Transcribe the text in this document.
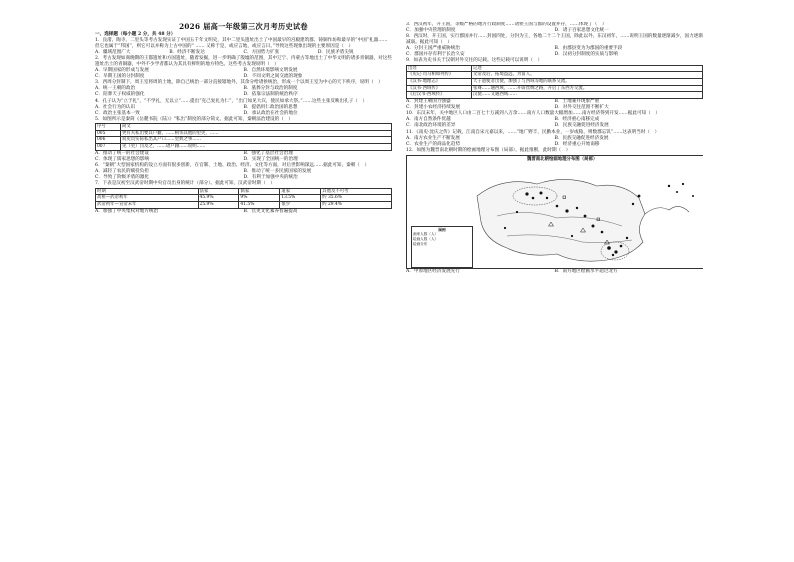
2026 届高一年级第三次月考历史试卷

一、选择题（每小题 2 分，共 48 分）

1．良渚、陶寺、二里头等考古发现实证了中国五千年文明史，其中二里头遗址出土了中国最早的宫殿建筑群、铸铜作坊和最早的“中国”礼器……

但它也属于“邦国”，则它可以并称为上古中国的“ …… 又称于是，或应言地，或应言曰。”导致这些现象出现的主要原因是（　）

A．疆域范围广大	B．经济不断发达	C．方国势力扩张	D．民族矛盾尖锐

2．考古发现如商晚期的王都遗址和方国遗址，随着发掘，进一步明确了殷墟的范围，其中辽宁、内蒙古等地出土了中华文明的诸多青铜器，对这些遗址出土的青铜器，中外不少学者都认为其具有鲜明的地方特色。这些考古发现说明（　）

A．早期国家的形成与发展	B．自然环境影响文明发展
C．早期王国的分封制度	D．不同文明之间交流的现象

3．西周分封制下，周王室将周的土地，除自己统治一部分直接辖地外，其余分给诸侯统治，形成一个以周王室为中心的天下秩序，说明（　）

A．统一王朝的政治	B．墓葬分封与政治的制度
C．陪葬天子权威的强化	D．依靠宗法制的统治秩序

4．孔子认为“立于礼”，“不学礼，无以立”……提出“克己复礼为仁”，“出门如见大宾，使民如承大祭。”……这些主张反映出孔子（　）

A．社会行为的认识	B．提倡用仁政治国的思想
C．政治主张基本一致	D．承认政治在社会的地位

5．如图所示是秦简《岳麓书院（陆）》"私出”制度的部分简文。据此可知，秦朝法治建设的（　）

序号	简文
005	更有夫私出要其户籍，……相邻其他的里吏，……
006	说史员实际私出其户口……里典之事……
007	见（吏）罚及之，……诸户籍……说明……
A．推动了统一的社会建设	B．强化了基层社会治理
C．体现了儒家思想的影响	D．实现了全国统一的治理

6．“秦朝”大型国家机构的设立方面有很多创新，在官制、土地、政治、经济、文化等方面，对后世影响深远……据此可知，秦朝（　）

A．减轻了农民的赋役负担	B．推动了统一多民族国家的发展
C．导致了阶级矛盾的激化	D．有利于加强中央的统治

7．下表是汉初至汉武帝时期中央官员出身的统计（部分）。据此可知，汉武帝时期（　）

时期	法家	儒家	道家	其他及不可考
高祖—武帝初年	45.9%	9%	13.5%	约 35.6%
武帝初年—宣帝末年	25.9%	41.5%	很少	约 29.4%
A．加强了中央集权对地方统治	B．官吏文化素养普遍提高

3．西汉初年，开王国，等级严格的地方行政制度……诸侯王国与郡的设置并存，……体现了（　）

C．加强中央管理的制度	D．诸子百家思想文化统一

8．西汉时，开王国，实行郡国并行……封国四处，分封为王，各地二十二个王国，除此以外，东汉初年，……说明王国的数量逐渐减少，国力逐渐减弱。据此可知（　）

A．分封王国严重威胁统治	B．由郡县变为为郡国的重要手段
C．郡国并存有利于长治久安	D．汉初分封制度的实质与影响

9．如表为史书关于汉朝对外交往的记载。这些记载可以说明（　）

出处	记述
《史记·司马相如列传》	文帝及后，拓境益远，为富人。
《汉书·地理志》	天子遣使者出使，加强了与西域等地的联系交流。
《汉书·西域传》	张骞……通西域，……开辟丝绸之路，开启了东西方交流。
《后汉书·西域传》	汉使……又通西域……
A．封建王朝国力强盛	B．土地兼并现象严重
C．封建小农经济持续发展	D．对外交往范围不断扩大

10．东汉末年，关中地区人口由二百七十万减到八万余……南方人口数量大幅增加……南方经济得到开发……据此可知（　）

A．南方自然条件优越	B．经济重心南移完成
C．南北政治环境的差异	D．民族交融促进经济发展

11．《南史·沈庆之传》记载，江南自宋元嘉以来，……“地广野丰，民勤本业，一岁或稔，则数郡忘饥”……这表明当时（　）

A．南方农业生产不断发展	B．民族交融促进经济发展
C．农业生产的商品化趋势	D．经济重心开始南移

12．如图为魏晋南北朝时期的绘画地理分布图（局部），据此推断，此时期（　）

魏晋南北朝绘画地理分布图（局部）
图例
画家人数（人）
绘画人数（人）
绘画分布
A．中原地区经济发展先行	B．南方地区绘画水平超过北方
